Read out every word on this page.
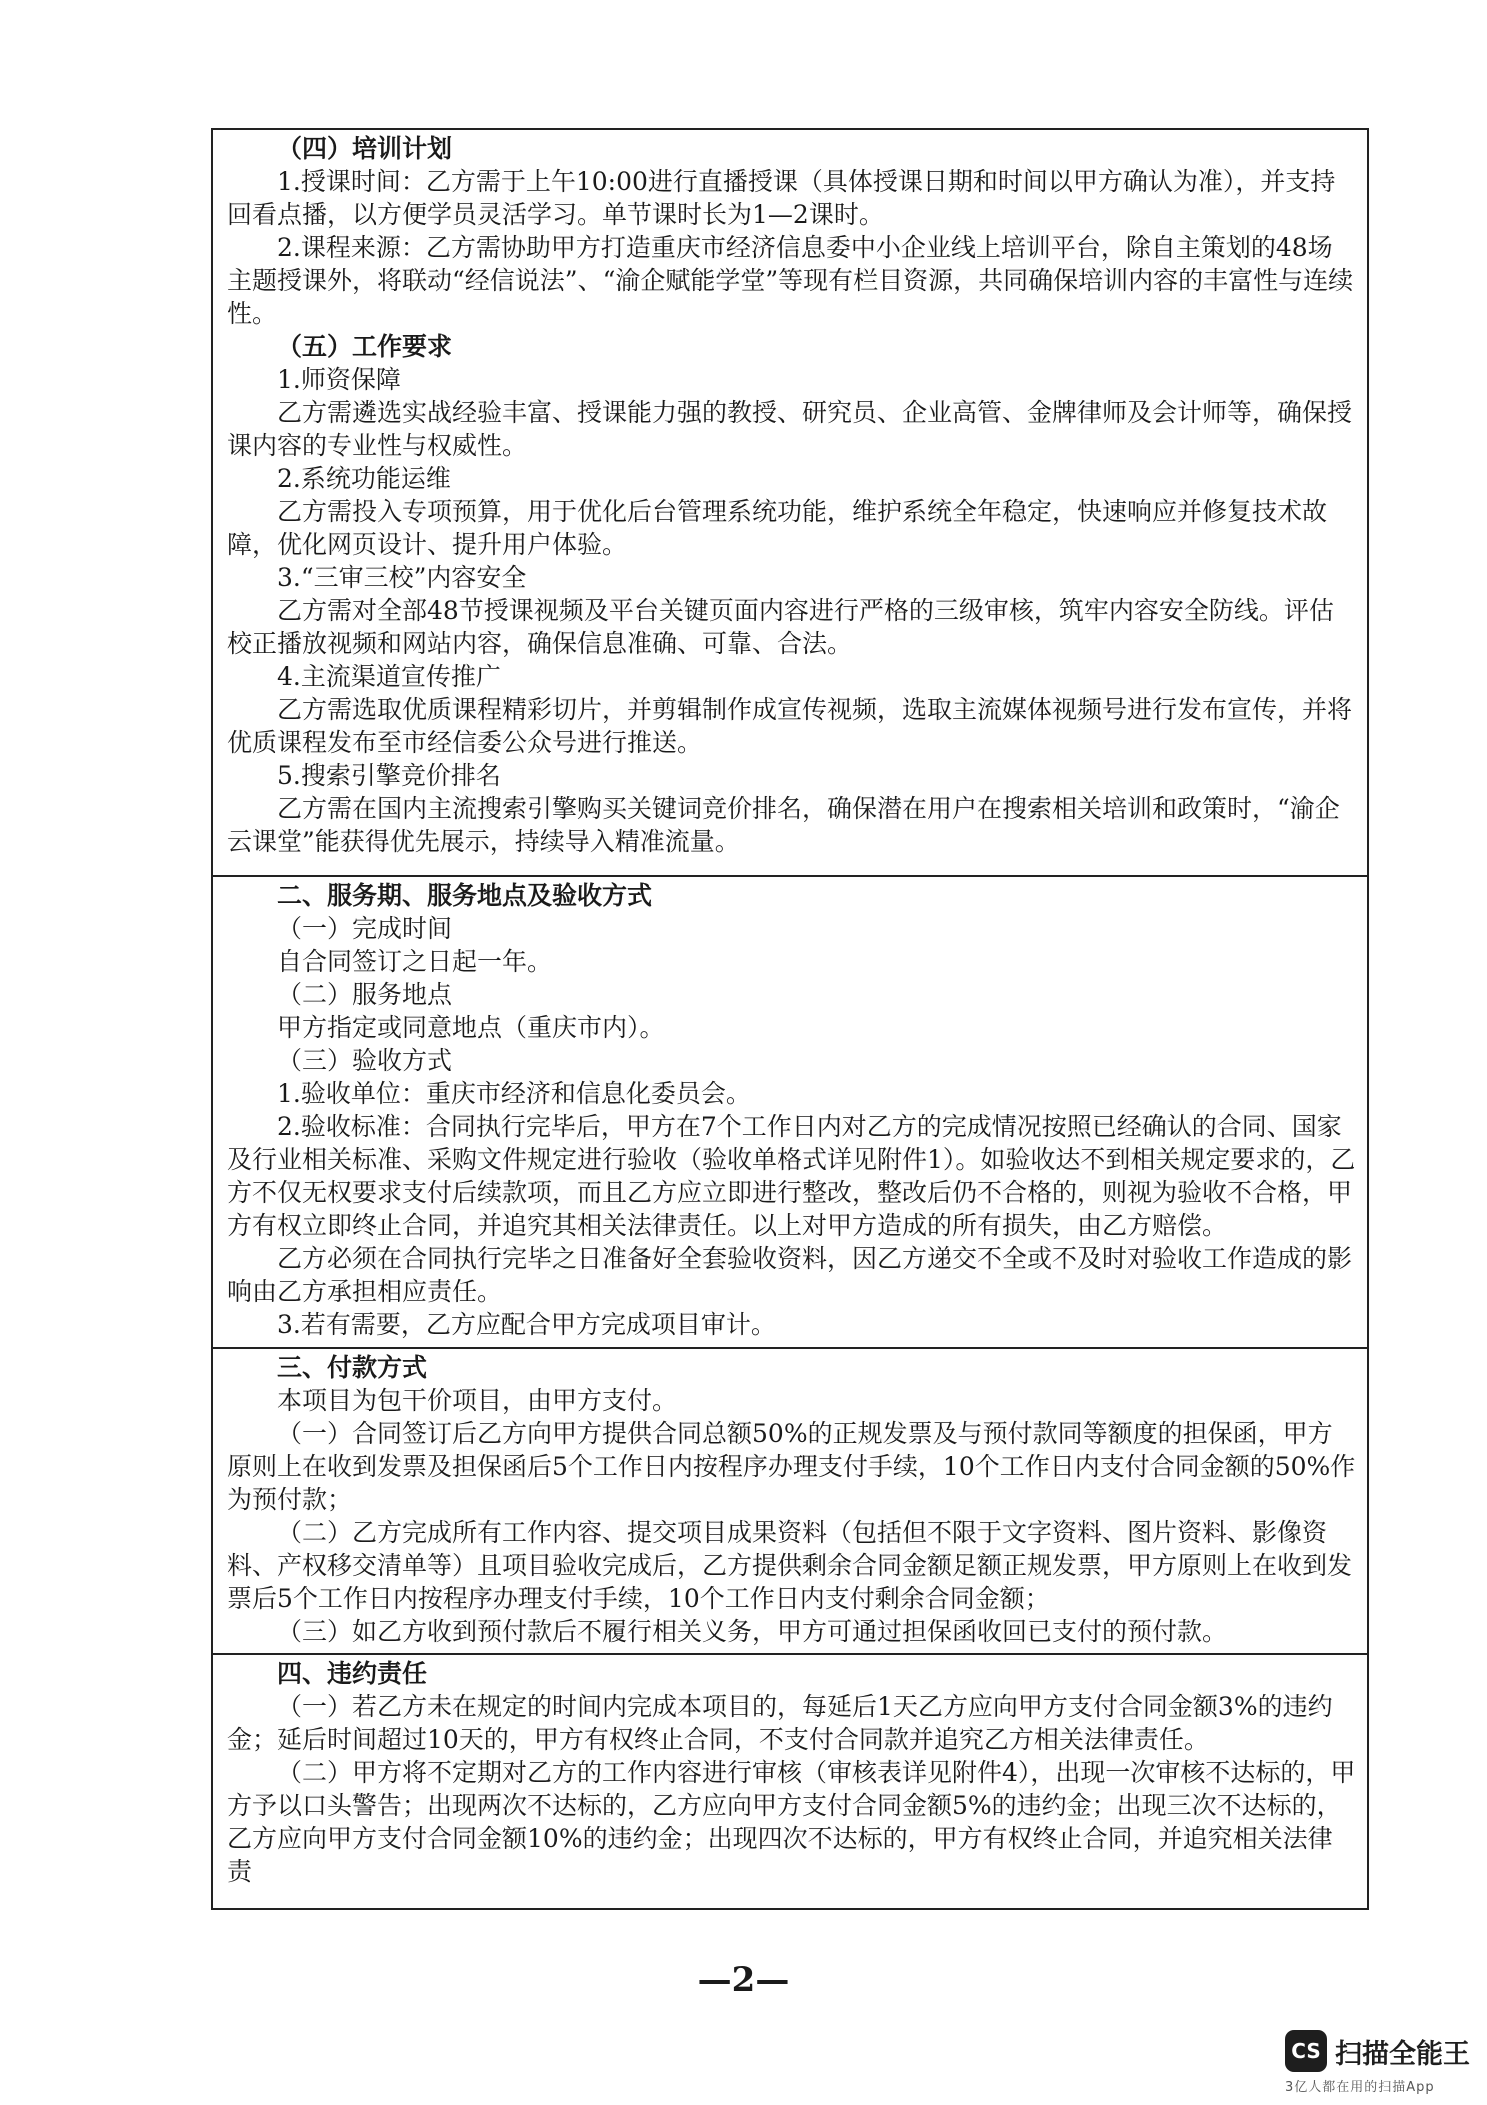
（四）培训计划

1.授课时间：乙方需于上午10:00进行直播授课（具体授课日期和时间以甲方确认为准），并支持回看点播，以方便学员灵活学习。单节课时长为1—2课时。

2.课程来源：乙方需协助甲方打造重庆市经济信息委中小企业线上培训平台，除自主策划的48场主题授课外，将联动“经信说法”、“渝企赋能学堂”等现有栏目资源，共同确保培训内容的丰富性与连续性。

（五）工作要求

1.师资保障

乙方需遴选实战经验丰富、授课能力强的教授、研究员、企业高管、金牌律师及会计师等，确保授课内容的专业性与权威性。

2.系统功能运维

乙方需投入专项预算，用于优化后台管理系统功能，维护系统全年稳定，快速响应并修复技术故障，优化网页设计、提升用户体验。

3.“三审三校”内容安全

乙方需对全部48节授课视频及平台关键页面内容进行严格的三级审核，筑牢内容安全防线。评估校正播放视频和网站内容，确保信息准确、可靠、合法。

4.主流渠道宣传推广

乙方需选取优质课程精彩切片，并剪辑制作成宣传视频，选取主流媒体视频号进行发布宣传，并将优质课程发布至市经信委公众号进行推送。

5.搜索引擎竞价排名

乙方需在国内主流搜索引擎购买关键词竞价排名，确保潜在用户在搜索相关培训和政策时，“渝企云课堂”能获得优先展示，持续导入精准流量。

二、服务期、服务地点及验收方式

（一）完成时间

自合同签订之日起一年。

（二）服务地点

甲方指定或同意地点（重庆市内）。

（三）验收方式

1.验收单位：重庆市经济和信息化委员会。

2.验收标准：合同执行完毕后，甲方在7个工作日内对乙方的完成情况按照已经确认的合同、国家及行业相关标准、采购文件规定进行验收（验收单格式详见附件1）。如验收达不到相关规定要求的，乙方不仅无权要求支付后续款项，而且乙方应立即进行整改，整改后仍不合格的，则视为验收不合格，甲方有权立即终止合同，并追究其相关法律责任。以上对甲方造成的所有损失，由乙方赔偿。

乙方必须在合同执行完毕之日准备好全套验收资料，因乙方递交不全或不及时对验收工作造成的影响由乙方承担相应责任。

3.若有需要，乙方应配合甲方完成项目审计。

三、付款方式

本项目为包干价项目，由甲方支付。

（一）合同签订后乙方向甲方提供合同总额50%的正规发票及与预付款同等额度的担保函，甲方原则上在收到发票及担保函后5个工作日内按程序办理支付手续，10个工作日内支付合同金额的50%作为预付款；

（二）乙方完成所有工作内容、提交项目成果资料（包括但不限于文字资料、图片资料、影像资料、产权移交清单等）且项目验收完成后，乙方提供剩余合同金额足额正规发票，甲方原则上在收到发票后5个工作日内按程序办理支付手续，10个工作日内支付剩余合同金额；

（三）如乙方收到预付款后不履行相关义务，甲方可通过担保函收回已支付的预付款。

四、违约责任

（一）若乙方未在规定的时间内完成本项目的，每延后1天乙方应向甲方支付合同金额3%的违约金；延后时间超过10天的，甲方有权终止合同，不支付合同款并追究乙方相关法律责任。

（二）甲方将不定期对乙方的工作内容进行审核（审核表详见附件4），出现一次审核不达标的，甲方予以口头警告；出现两次不达标的，乙方应向甲方支付合同金额5%的违约金；出现三次不达标的，乙方应向甲方支付合同金额10%的违约金；出现四次不达标的，甲方有权终止合同，并追究相关法律责

—2—
CS 扫描全能王
3亿人都在用的扫描App
